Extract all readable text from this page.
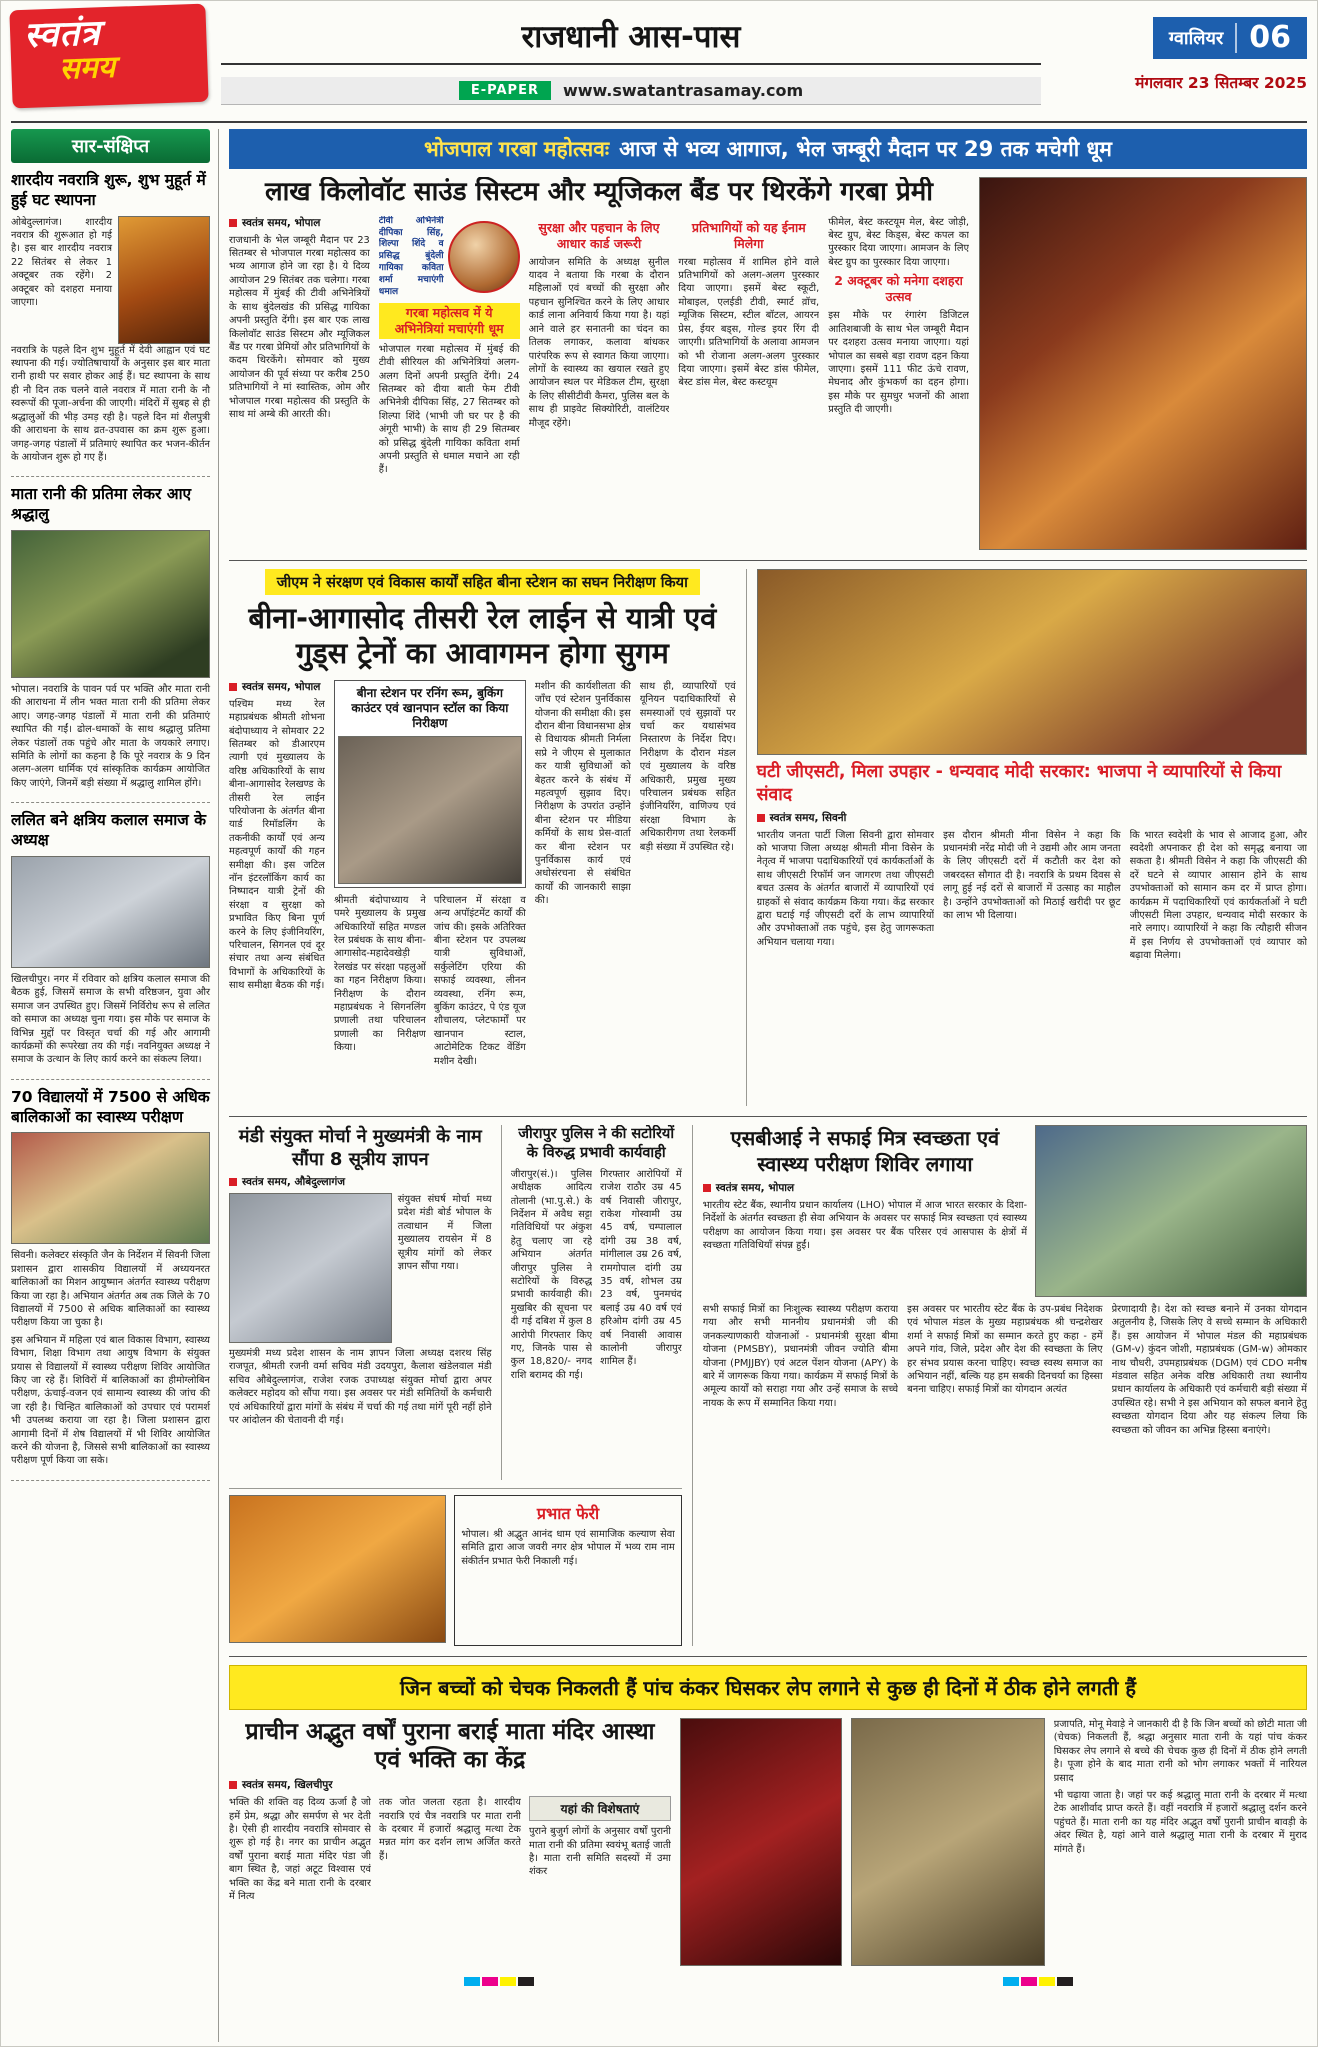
स्वतंत्र
समय
राजधानी आस-पास
E-PAPER	www.swatantrasamay.com
ग्वालियर 06
मंगलवार 23 सितम्बर 2025
सार-संक्षिप्त
शारदीय नवरात्रि शुरू, शुभ मुहूर्त में हुई घट स्थापना

ओबेदुल्लागंज। शारदीय नवरात्र की शुरूआत हो गई है। इस बार शारदीय नवरात्र 22 सितंबर से लेकर 1 अक्टूबर तक रहेंगे। 2 अक्टूबर को दशहरा मनाया जाएगा।

नवरात्रि के पहले दिन शुभ मुहूर्त में देवी आह्वान एवं घट स्थापना की गई। ज्योतिषाचार्यों के अनुसार इस बार माता रानी हाथी पर सवार होकर आई हैं। घट स्थापना के साथ ही नौ दिन तक चलने वाले नवरात्र में माता रानी के नौ स्वरूपों की पूजा-अर्चना की जाएगी। मंदिरों में सुबह से ही श्रद्धालुओं की भीड़ उमड़ रही है। पहले दिन मां शैलपुत्री की आराधना के साथ व्रत-उपवास का क्रम शुरू हुआ। जगह-जगह पंडालों में प्रतिमाएं स्थापित कर भजन-कीर्तन के आयोजन शुरू हो गए हैं।

माता रानी की प्रतिमा लेकर आए श्रद्धालु

भोपाल। नवरात्रि के पावन पर्व पर भक्ति और माता रानी की आराधना में लीन भक्त माता रानी की प्रतिमा लेकर आए। जगह-जगह पंडालों में माता रानी की प्रतिमाएं स्थापित की गईं। ढोल-धमाकों के साथ श्रद्धालु प्रतिमा लेकर पंडालों तक पहुंचे और माता के जयकारे लगाए। समिति के लोगों का कहना है कि पूरे नवरात्र के 9 दिन अलग-अलग धार्मिक एवं सांस्कृतिक कार्यक्रम आयोजित किए जाएंगे, जिनमें बड़ी संख्या में श्रद्धालु शामिल होंगे।

ललित बने क्षत्रिय कलाल समाज के अध्यक्ष

खिलचीपुर। नगर में रविवार को क्षत्रिय कलाल समाज की बैठक हुई, जिसमें समाज के सभी वरिष्ठजन, युवा और समाज जन उपस्थित हुए। जिसमें निर्विरोध रूप से ललित को समाज का अध्यक्ष चुना गया। इस मौके पर समाज के विभिन्न मुद्दों पर विस्तृत चर्चा की गई और आगामी कार्यक्रमों की रूपरेखा तय की गई। नवनियुक्त अध्यक्ष ने समाज के उत्थान के लिए कार्य करने का संकल्प लिया।

70 विद्यालयों में 7500 से अधिक बालिकाओं का स्वास्थ्य परीक्षण

सिवनी। कलेक्टर संस्कृति जैन के निर्देशन में सिवनी जिला प्रशासन द्वारा शासकीय विद्यालयों में अध्ययनरत बालिकाओं का मिशन आयुष्मान अंतर्गत स्वास्थ्य परीक्षण किया जा रहा है। अभियान अंतर्गत अब तक जिले के 70 विद्यालयों में 7500 से अधिक बालिकाओं का स्वास्थ्य परीक्षण किया जा चुका है।

इस अभियान में महिला एवं बाल विकास विभाग, स्वास्थ्य विभाग, शिक्षा विभाग तथा आयुष विभाग के संयुक्त प्रयास से विद्यालयों में स्वास्थ्य परीक्षण शिविर आयोजित किए जा रहे हैं। शिविरों में बालिकाओं का हीमोग्लोबिन परीक्षण, ऊंचाई-वजन एवं सामान्य स्वास्थ्य की जांच की जा रही है। चिन्हित बालिकाओं को उपचार एवं परामर्श भी उपलब्ध कराया जा रहा है। जिला प्रशासन द्वारा आगामी दिनों में शेष विद्यालयों में भी शिविर आयोजित करने की योजना है, जिससे सभी बालिकाओं का स्वास्थ्य परीक्षण पूर्ण किया जा सके।

भोजपाल गरबा महोत्सवः आज से भव्य आगाज, भेल जम्बूरी मैदान पर 29 तक मचेगी धूम
लाख किलोवॉट साउंड सिस्टम और म्यूजिकल बैंड पर थिरकेंगे गरबा प्रेमी
स्वतंत्र समय, भोपाल

राजधानी के भेल जम्बूरी मैदान पर 23 सितम्बर से भोजपाल गरबा महोत्सव का भव्य आगाज होने जा रहा है। ये दिव्य आयोजन 29 सितंबर तक चलेगा। गरबा महोत्सव में मुंबई की टीवी अभिनेत्रियों के साथ बुंदेलखंड की प्रसिद्ध गायिका अपनी प्रस्तुति देंगी। इस बार एक लाख किलोवॉट साउंड सिस्टम और म्यूजिकल बैंड पर गरबा प्रेमियों और प्रतिभागियों के कदम थिरकेंगे। सोमवार को मुख्य आयोजन की पूर्व संध्या पर करीब 250 प्रतिभागियों ने मां स्वास्तिक, ओम और भोजपाल गरबा महोत्सव की प्रस्तुति के साथ मां अम्बे की आरती की।

टीवी अभिनेत्री दीपिका सिंह, शिल्पा शिंदे व प्रसिद्ध बुंदेली गायिका कविता शर्मा मचाएंगी धमाल

गरबा महोत्सव में ये अभिनेत्रियां मचाएंगी धूम

भोजपाल गरबा महोत्सव में मुंबई की टीवी सीरियल की अभिनेत्रियां अलग-अलग दिनों अपनी प्रस्तुति देंगी। 24 सितम्बर को दीया बाती फेम टीवी अभिनेत्री दीपिका सिंह, 27 सितम्बर को शिल्पा शिंदे (भाभी जी घर पर है की अंगूरी भाभी) के साथ ही 29 सितम्बर को प्रसिद्ध बुंदेली गायिका कविता शर्मा अपनी प्रस्तुति से धमाल मचाने आ रही हैं।

सुरक्षा और पहचान के लिए आधार कार्ड जरूरी

आयोजन समिति के अध्यक्ष सुनील यादव ने बताया कि गरबा के दौरान महिलाओं एवं बच्चों की सुरक्षा और पहचान सुनिश्चित करने के लिए आधार कार्ड लाना अनिवार्य किया गया है। यहां आने वाले हर सनातनी का चंदन का तिलक लगाकर, कलावा बांधकर पारंपरिक रूप से स्वागत किया जाएगा। लोगों के स्वास्थ्य का खयाल रखते हुए आयोजन स्थल पर मेडिकल टीम, सुरक्षा के लिए सीसीटीवी कैमरा, पुलिस बल के साथ ही प्राइवेट सिक्योरिटी, वालंटियर मौजूद रहेंगे।

प्रतिभागियों को यह ईनाम मिलेगा

गरबा महोत्सव में शामिल होने वाले प्रतिभागियों को अलग-अलग पुरस्कार दिया जाएगा। इसमें बेस्ट स्कूटी, मोबाइल, एलईडी टीवी, स्मार्ट व़ॉच, म्यूजिक सिस्टम, स्टील बॉटल, आयरन प्रेस, ईयर बड्स, गोल्ड इयर रिंग दी जाएगी। प्रतिभागियों के अलावा आमजन को भी रोजाना अलग-अलग पुरस्कार दिया जाएगा। इसमें बेस्ट डांस फीमेल, बेस्ट डांस मेल, बेस्ट कस्टयूम

फीमेल, बेस्ट कस्टयूम मेल, बेस्ट जोड़ी, बेस्ट ग्रुप, बेस्ट किड्स, बेस्ट कपल का पुरस्कार दिया जाएगा। आमजन के लिए बेस्ट ग्रुप का पुरस्कार दिया जाएगा।

2 अक्टूबर को मनेगा दशहरा उत्सव

इस मौके पर रंगारंग डिजिटल आतिशबाजी के साथ भेल जम्बूरी मैदान पर दशहरा उत्सव मनाया जाएगा। यहां भोपाल का सबसे बड़ा रावण दहन किया जाएगा। इसमें 111 फीट ऊंचे रावण, मेघनाद और कुंभकर्ण का दहन होगा। इस मौके पर सुमधुर भजनों की आशा प्रस्तुति दी जाएगी।

जीएम ने संरक्षण एवं विकास कार्यों सहित बीना स्टेशन का सघन निरीक्षण किया
बीना-आगासोद तीसरी रेल लाईन से यात्री एवं गुड्स ट्रेनों का आवागमन होगा सुगम
स्वतंत्र समय, भोपाल

पश्चिम मध्य रेल महाप्रबंधक श्रीमती शोभना बंदोपाध्याय ने सोमवार 22 सितम्बर को डीआरएम त्यागी एवं मुख्यालय के वरिष्ठ अधिकारियों के साथ बीना-आगासोद रेलखण्ड के तीसरी रेल लाईन परियोजना के अंतर्गत बीना यार्ड रिमॉडलिंग के तकनीकी कार्यों एवं अन्य महत्वपूर्ण कार्यों की गहन समीक्षा की। इस जटिल नॉन इंटरलॉकिंग कार्य का निष्पादन यात्री ट्रेनों की संरक्षा व सुरक्षा को प्रभावित किए बिना पूर्ण करने के लिए इंजीनियरिंग, परिचालन, सिगनल एवं दूर संचार तथा अन्य संबंधित विभागों के अधिकारियों के साथ समीक्षा बैठक की गई।

बीना स्टेशन पर रनिंग रूम, बुकिंग काउंटर एवं खानपान स्टॉल का किया निरीक्षण

श्रीमती बंदोपाध्याय ने पमरे मुख्यालय के प्रमुख अधिकारियों सहित मण्डल रेल प्रबंधक के साथ बीना-आगासोद-महादेवखेड़ी रेलखंड पर संरक्षा पहलुओं का गहन निरीक्षण किया। निरीक्षण के दौरान महाप्रबंधक ने सिगनलिंग प्रणाली तथा परिचालन प्रणाली का निरीक्षण किया।

परिचालन में संरक्षा व अन्य अपॉइंटमेंट कार्यों की जांच की। इसके अतिरिक्त बीना स्टेशन पर उपलब्ध यात्री सुविधाओं, सर्कुलेटिंग एरिया की सफाई व्यवस्था, लीनन व्यवस्था, रनिंग रूम, बुकिंग काउंटर, पे एंड यूज शौचालय, प्लेटफार्मों पर खानपान स्टाल, आटोमेटिक टिकट वेंडिंग मशीन देखी।

मशीन की कार्यशीलता की जाँच एवं स्टेशन पुनर्विकास योजना की समीक्षा की। इस दौरान बीना विधानसभा क्षेत्र से विधायक श्रीमती निर्मला सप्रे ने जीएम से मुलाकात कर यात्री सुविधाओं को बेहतर करने के संबंध में महत्वपूर्ण सुझाव दिए। निरीक्षण के उपरांत उन्होंने बीना स्टेशन पर मीडिया कर्मियों के साथ प्रेस-वार्ता कर बीना स्टेशन पर पुनर्विकास कार्य एवं अधोसंरचना से संबंधित कार्यों की जानकारी साझा की।

साथ ही, व्यापारियों एवं यूनियन पदाधिकारियों से समस्याओं एवं सुझावों पर चर्चा कर यथासंभव निस्तारण के निर्देश दिए। निरीक्षण के दौरान मंडल एवं मुख्यालय के वरिष्ठ अधिकारी, प्रमुख मुख्य परिचालन प्रबंधक सहित इंजीनियरिंग, वाणिज्य एवं संरक्षा विभाग के अधिकारीगण तथा रेलकर्मी बड़ी संख्या में उपस्थित रहे।

घटी जीएसटी, मिला उपहार - धन्यवाद मोदी सरकार: भाजपा ने व्यापारियों से किया संवाद
स्वतंत्र समय, सिवनी

भारतीय जनता पार्टी जिला सिवनी द्वारा सोमवार को भाजपा जिला अध्यक्ष श्रीमती मीना विसेन के नेतृत्व में भाजपा पदाधिकारियों एवं कार्यकर्ताओं के साथ जीएसटी रिफॉर्म जन जागरण तथा जीएसटी बचत उत्सव के अंतर्गत बाजारों में व्यापारियों एवं ग्राहकों से संवाद कार्यक्रम किया गया। केंद्र सरकार द्वारा घटाई गई जीएसटी दरों के लाभ व्यापारियों और उपभोक्ताओं तक पहुंचे, इस हेतु जागरूकता अभियान चलाया गया।

इस दौरान श्रीमती मीना विसेन ने कहा कि प्रधानमंत्री नरेंद्र मोदी जी ने उद्यमी और आम जनता के लिए जीएसटी दरों में कटौती कर देश को जबरदस्त सौगात दी है। नवरात्रि के प्रथम दिवस से लागू हुई नई दरों से बाजारों में उत्साह का माहौल है। उन्होंने उपभोक्ताओं को मिठाई खरीदी पर छूट का लाभ भी दिलाया।

कि भारत स्वदेशी के भाव से आजाद हुआ, और स्वदेशी अपनाकर ही देश को समृद्ध बनाया जा सकता है। श्रीमती विसेन ने कहा कि जीएसटी की दरें घटने से व्यापार आसान होने के साथ उपभोक्ताओं को सामान कम दर में प्राप्त होगा। कार्यक्रम में पदाधिकारियों एवं कार्यकर्ताओं ने घटी जीएसटी मिला उपहार, धन्यवाद मोदी सरकार के नारे लगाए। व्यापारियों ने कहा कि त्यौहारी सीजन में इस निर्णय से उपभोक्ताओं एवं व्यापार को बढ़ावा मिलेगा।

मंडी संयुक्त मोर्चा ने मुख्यमंत्री के नाम सौंपा 8 सूत्रीय ज्ञापन
स्वतंत्र समय, औबेदुल्लागंज

संयुक्त संघर्ष मोर्चा मध्य प्रदेश मंडी बोर्ड भोपाल के तत्वाधान में जिला मुख्यालय रायसेन में 8 सूत्रीय मांगों को लेकर ज्ञापन सौंपा गया।

मुख्यमंत्री मध्य प्रदेश शासन के नाम ज्ञापन जिला अध्यक्ष दशरथ सिंह राजपूत, श्रीमती रजनी वर्मा सचिव मंडी उदयपुरा, कैलाश खंडेलवाल मंडी सचिव औबेदुल्लागंज, राजेश रजक उपाध्यक्ष संयुक्त मोर्चा द्वारा अपर कलेक्टर महोदय को सौंपा गया। इस अवसर पर मंडी समितियों के कर्मचारी एवं अधिकारियों द्वारा मांगों के संबंध में चर्चा की गई तथा मांगें पूरी नहीं होने पर आंदोलन की चेतावनी दी गई।

जीरापुर पुलिस ने की सटोरियों के विरुद्ध प्रभावी कार्यवाही

जीरापुर(सं.)। पुलिस अधीक्षक आदित्य तोलानी (भा.पु.से.) के निर्देशन में अवैध सट्टा गतिविधियों पर अंकुश हेतु चलाए जा रहे अभियान अंतर्गत जीरापुर पुलिस ने सटोरियों के विरुद्ध प्रभावी कार्यवाही की। मुखबिर की सूचना पर दी गई दबिश में कुल 8 आरोपी गिरफ्तार किए गए, जिनके पास से कुल 18,820/- नगद राशि बरामद की गई।

गिरफ्तार आरोपियों में राजेश राठौर उम्र 45 वर्ष निवासी जीरापुर, राकेश गोस्वामी उम्र 45 वर्ष, चम्पालाल दांगी उम्र 38 वर्ष, मांगीलाल उम्र 26 वर्ष, रामगोपाल दांगी उम्र 35 वर्ष, शोभल उम्र 23 वर्ष, पुनमचंद बलाई उम्र 40 वर्ष एवं हरिओम दांगी उम्र 45 वर्ष निवासी आवास कालोनी जीरापुर शामिल हैं।

प्रभात फेरी

भोपाल। श्री अद्भुत आनंद धाम एवं सामाजिक कल्याण सेवा समिति द्वारा आज जवरी नगर क्षेत्र भोपाल में भव्य राम नाम संकीर्तन प्रभात फेरी निकाली गई।

एसबीआई ने सफाई मित्र स्वच्छता एवं स्वास्थ्य परीक्षण शिविर लगाया
स्वतंत्र समय, भोपाल

भारतीय स्टेट बैंक, स्थानीय प्रधान कार्यालय (LHO) भोपाल में आज भारत सरकार के दिशा-निर्देशों के अंतर्गत स्वच्छता ही सेवा अभियान के अवसर पर सफाई मित्र स्वच्छता एवं स्वास्थ्य परीक्षण का आयोजन किया गया। इस अवसर पर बैंक परिसर एवं आसपास के क्षेत्रों में स्वच्छता गतिविधियाँ संपन्न हुईं।

सभी सफाई मित्रों का निःशुल्क स्वास्थ्य परीक्षण कराया गया और सभी माननीय प्रधानमंत्री जी की जनकल्याणकारी योजनाओं - प्रधानमंत्री सुरक्षा बीमा योजना (PMSBY), प्रधानमंत्री जीवन ज्योति बीमा योजना (PMJJBY) एवं अटल पेंशन योजना (APY) के बारे में जागरूक किया गया। कार्यक्रम में सफाई मित्रों के अमूल्य कार्यों को सराहा गया और उन्हें समाज के सच्चे नायक के रूप में सम्मानित किया गया।

इस अवसर पर भारतीय स्टेट बैंक के उप-प्रबंध निदेशक एवं भोपाल मंडल के मुख्य महाप्रबंधक श्री चन्द्रशेखर शर्मा ने सफाई मित्रों का सम्मान करते हुए कहा - हमें अपने गांव, जिले, प्रदेश और देश की स्वच्छता के लिए हर संभव प्रयास करना चाहिए। स्वच्छ स्वस्थ समाज का अभियान नहीं, बल्कि यह हम सबकी दिनचर्या का हिस्सा बनना चाहिए। सफाई मित्रों का योगदान अत्यंत

प्रेरणादायी है। देश को स्वच्छ बनाने में उनका योगदान अतुलनीय है, जिसके लिए वे सच्चे सम्मान के अधिकारी हैं। इस आयोजन में भोपाल मंडल की महाप्रबंधक (GM-v) कुंदन जोशी, महाप्रबंधक (GM-w) ओमकार नाथ चौधरी, उपमहाप्रबंधक (DGM) एवं CDO मनीष मंडवाल सहित अनेक वरिष्ठ अधिकारी तथा स्थानीय प्रधान कार्यालय के अधिकारी एवं कर्मचारी बड़ी संख्या में उपस्थित रहे। सभी ने इस अभियान को सफल बनाने हेतु स्वच्छता योगदान दिया और यह संकल्प लिया कि स्वच्छता को जीवन का अभिन्न हिस्सा बनाएंगे।

जिन बच्चों को चेचक निकलती हैं पांच कंकर घिसकर लेप लगाने से कुछ ही दिनों में ठीक होने लगती हैं
प्राचीन अद्भुत वर्षों पुराना बराई माता मंदिर आस्था एवं भक्ति का केंद्र
स्वतंत्र समय, खिलचीपुर

भक्ति की शक्ति वह दिव्य ऊर्जा है जो हमें प्रेम, श्रद्धा और समर्पण से भर देती है। ऐसी ही शारदीय नवरात्रि सोमवार से शुरू हो गई है। नगर का प्राचीन अद्भुत वर्षों पुराना बराई माता मंदिर पंडा जी बाग स्थित है, जहां अटूट विश्वास एवं भक्ति का केंद्र बने माता रानी के दरबार में नित्य

तक जोत जलता रहता है। शारदीय नवरात्रि एवं चैत्र नवरात्रि पर माता रानी के दरबार में हजारों श्रद्धालु मत्था टेक मन्नत मांग कर दर्शन लाभ अर्जित करते हैं।

यहां की विशेषताएं

पुराने बुजुर्ग लोगों के अनुसार वर्षों पुरानी माता रानी की प्रतिमा स्वयंभू बताई जाती है। माता रानी समिति सदस्यों में उमा शंकर

प्रजापति, मोनू मेवाड़े ने जानकारी दी है कि जिन बच्चों को छोटी माता जी (चेचक) निकलती हैं, श्रद्धा अनुसार माता रानी के यहां पांच कंकर घिसकर लेप लगाने से बच्चे की चेचक कुछ ही दिनों में ठीक होने लगती है। पूजा होने के बाद माता रानी को भोग लगाकर भक्तों में नारियल प्रसाद

भी चढ़ाया जाता है। जहां पर कई श्रद्धालु माता रानी के दरबार में मत्था टेक आशीर्वाद प्राप्त करते हैं। वहीं नवरात्रि में हजारों श्रद्धालु दर्शन करने पहुंचते हैं। माता रानी का यह मंदिर अद्भुत वर्षों पुरानी प्राचीन बावड़ी के अंदर स्थित है, यहां आने वाले श्रद्धालु माता रानी के दरबार में मुराद मांगते हैं।
